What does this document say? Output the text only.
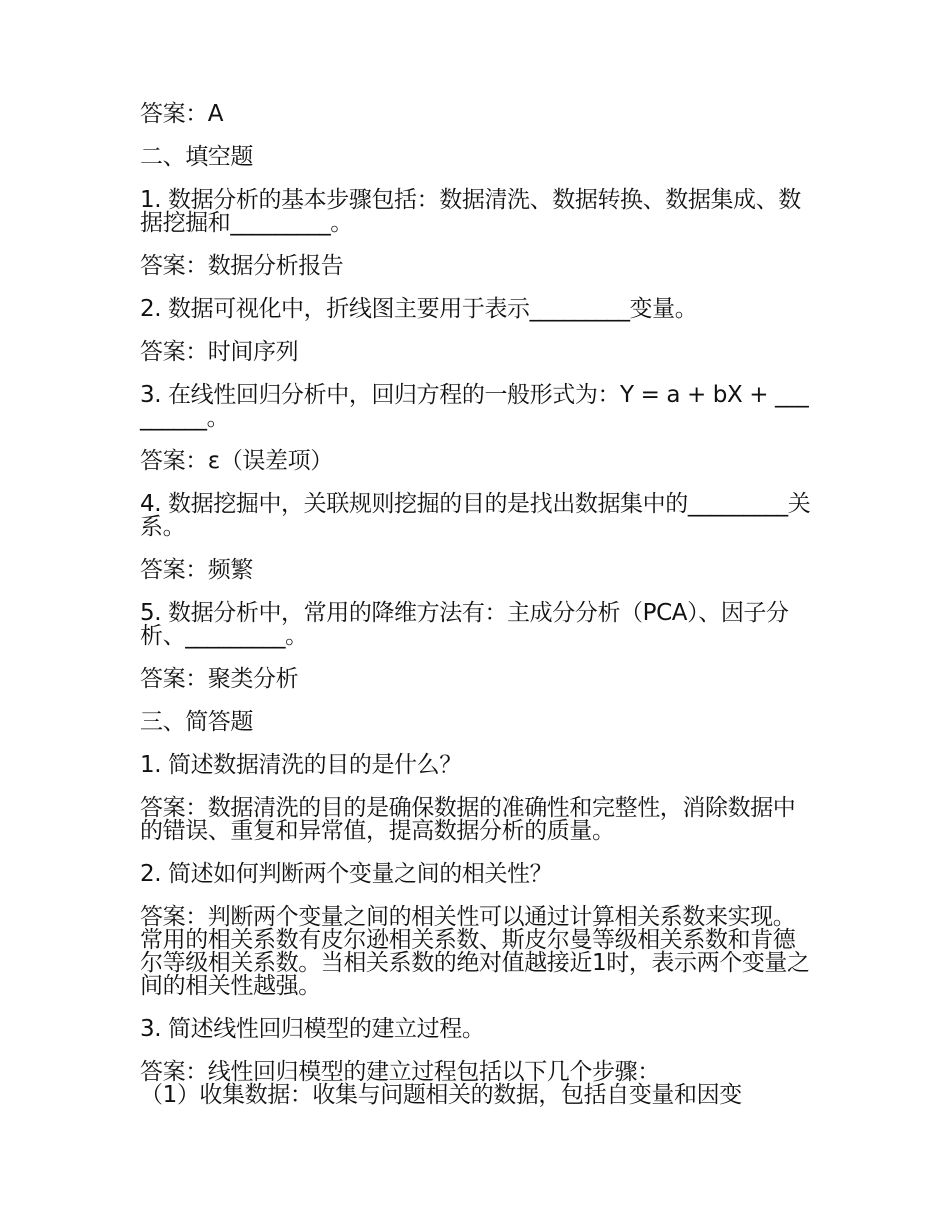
答案：A

二、填空题

1. 数据分析的基本步骤包括：数据清洗、数据转换、数据集成、数据挖掘和_________。

答案：数据分析报告

2. 数据可视化中，折线图主要用于表示_________变量。

答案：时间序列

3. 在线性回归分析中，回归方程的一般形式为：Y = a + bX + _________。

答案：ε（误差项）

4. 数据挖掘中，关联规则挖掘的目的是找出数据集中的_________关系。

答案：频繁

5. 数据分析中，常用的降维方法有：主成分分析（PCA）、因子分析、_________。

答案：聚类分析

三、简答题

1. 简述数据清洗的目的是什么？

答案：数据清洗的目的是确保数据的准确性和完整性，消除数据中的错误、重复和异常值，提高数据分析的质量。

2. 简述如何判断两个变量之间的相关性？

答案：判断两个变量之间的相关性可以通过计算相关系数来实现。常用的相关系数有皮尔逊相关系数、斯皮尔曼等级相关系数和肯德尔等级相关系数。当相关系数的绝对值越接近1时，表示两个变量之间的相关性越强。

3. 简述线性回归模型的建立过程。

答案：线性回归模型的建立过程包括以下几个步骤：

（1）收集数据：收集与问题相关的数据，包括自变量和因变
